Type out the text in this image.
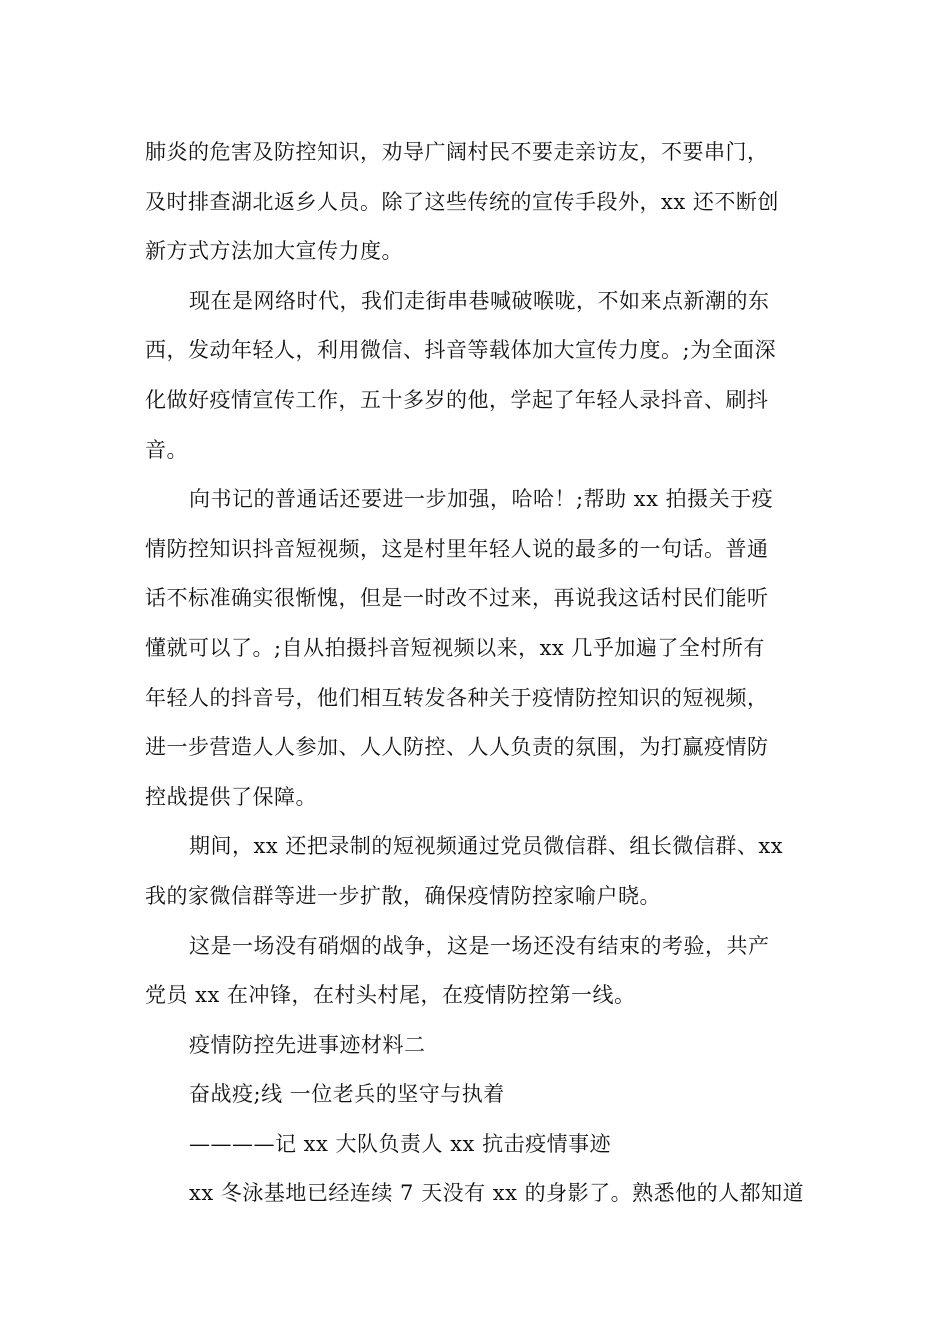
肺炎的危害及防控知识，劝导广阔村民不要走亲访友，不要串门，
及时排查湖北返乡人员。除了这些传统的宣传手段外，xx 还不断创
新方式方法加大宣传力度。
现在是网络时代，我们走街串巷喊破喉咙，不如来点新潮的东
西，发动年轻人，利用微信、抖音等载体加大宣传力度。;为全面深
化做好疫情宣传工作，五十多岁的他，学起了年轻人录抖音、刷抖
音。
向书记的普通话还要进一步加强，哈哈！;帮助 xx 拍摄关于疫
情防控知识抖音短视频，这是村里年轻人说的最多的一句话。普通
话不标准确实很惭愧，但是一时改不过来，再说我这话村民们能听
懂就可以了。;自从拍摄抖音短视频以来，xx 几乎加遍了全村所有
年轻人的抖音号，他们相互转发各种关于疫情防控知识的短视频，
进一步营造人人参加、人人防控、人人负责的氛围，为打赢疫情防
控战提供了保障。
期间，xx 还把录制的短视频通过党员微信群、组长微信群、xx
我的家微信群等进一步扩散，确保疫情防控家喻户晓。
这是一场没有硝烟的战争，这是一场还没有结束的考验，共产
党员 xx 在冲锋，在村头村尾，在疫情防控第一线。
疫情防控先进事迹材料二
奋战疫;线 一位老兵的坚守与执着
————记 xx 大队负责人 xx 抗击疫情事迹
xx 冬泳基地已经连续 7 天没有 xx 的身影了。熟悉他的人都知道
